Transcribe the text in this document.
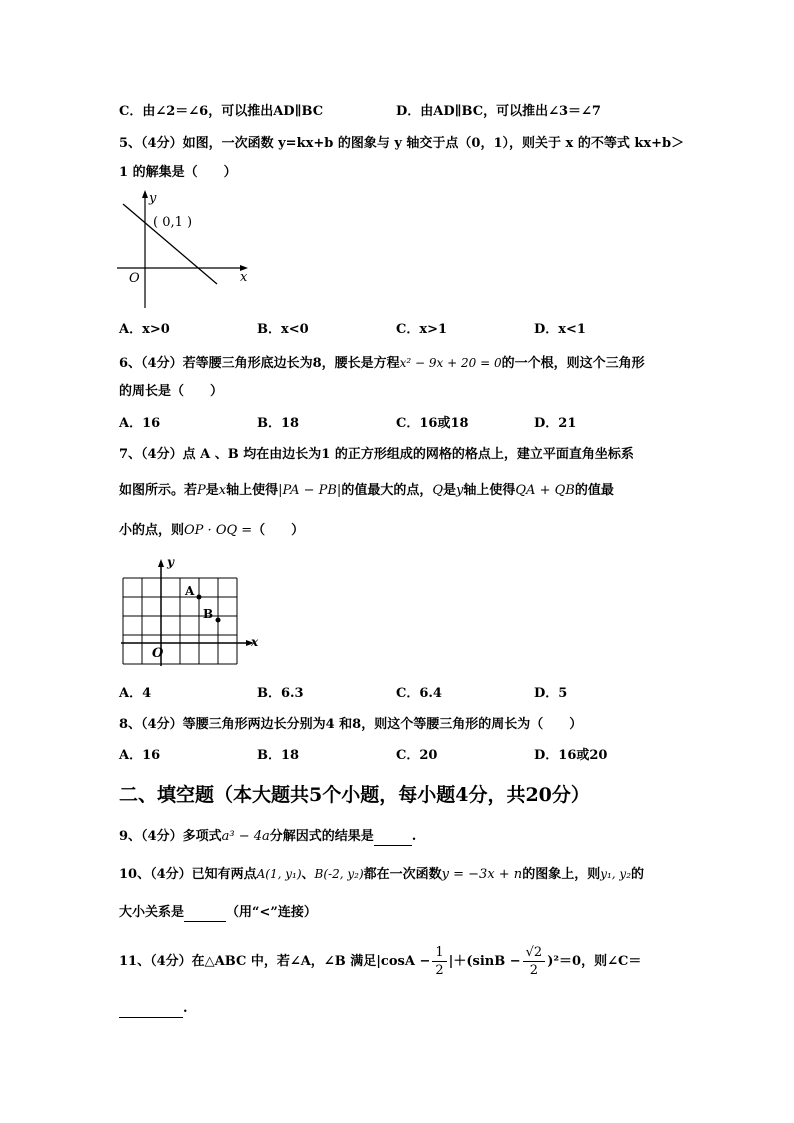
C．由∠2＝∠6，可以推出AD∥BC	D．由AD∥BC，可以推出∠3＝∠7
5、（4分）如图，一次函数 y=kx+b 的图象与 y 轴交于点（0，1），则关于 x 的不等式 kx+b＞
1 的解集是（　　）
y
( 0,1 )
O	x
A．x>0	B．x<0	C．x>1	D．x<1
6、（4分）若等腰三角形底边长为8，腰长是方程x² − 9x + 20 = 0的一个根，则这个三角形
的周长是（　　）
A．16	B．18	C．16或18	D．21
7、（4分）点 A 、B 均在由边长为1 的正方形组成的网格的格点上，建立平面直角坐标系
如图所示。若P是x轴上使得|PA − PB|的值最大的点，Q是y轴上使得QA + QB的值最
小的点，则OP · OQ =（　　）
y
x
O
A
B
A．4	B．6.3	C．6.4	D．5
8、（4分）等腰三角形两边长分别为4 和8，则这个等腰三角形的周长为（　　）
A．16	B．18	C．20	D．16或20
二、填空题（本大题共5个小题，每小题4分，共20分）
9、（4分）多项式a³ − 4a分解因式的结果是	.
10、（4分）已知有两点A(1, y₁)、B(-2, y₂)都在一次函数y = −3x + n的图象上，则y₁, y₂的
大小关系是	（用“<”连接）
11、（4分）在△ABC 中，若∠A，∠B 满足$|\cos A - \frac{1}{2} |+(\sin B - \frac{√2}{2} )^2=0$，则∠C＝
.
